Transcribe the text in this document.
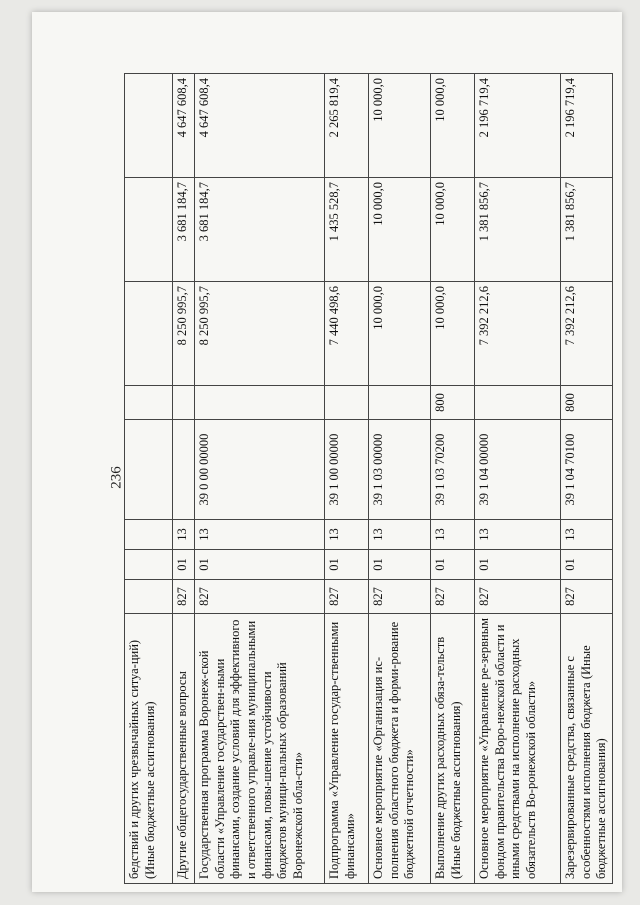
236
бедствий и других чрезвычайных ситуа-ций) (Иные бюджетные ассигнования)								
Другие общегосударственные вопросы	827	01	13			8 250 995,7	3 681 184,7	4 647 608,4
Государственная программа Воронеж-ской области «Управление государствен-ными финансами, создание условий для эффективного и ответственного управле-ния муниципальными финансами, повы-шение устойчивости бюджетов муници-пальных образований Воронежской обла-сти»	827	01	13	39 0 00 00000		8 250 995,7	3 681 184,7	4 647 608,4
Подпрограмма «Управление государ-ственными финансами»	827	01	13	39 1 00 00000		7 440 498,6	1 435 528,7	2 265 819,4
Основное мероприятие «Организация ис-полнения областного бюджета и форми-рование бюджетной отчетности»	827	01	13	39 1 03 00000		10 000,0	10 000,0	10 000,0
Выполнение других расходных обяза-тельств (Иные бюджетные ассигнования)	827	01	13	39 1 03 70200	800	10 000,0	10 000,0	10 000,0
Основное мероприятие «Управление ре-зервным фондом правительства Воро-нежской области и иными средствами на исполнение расходных обязательств Во-ронежской области»	827	01	13	39 1 04 00000		7 392 212,6	1 381 856,7	2 196 719,4
Зарезервированные средства, связанные с особенностями исполнения бюджета (Иные бюджетные ассигнования)	827	01	13	39 1 04 70100	800	7 392 212,6	1 381 856,7	2 196 719,4
